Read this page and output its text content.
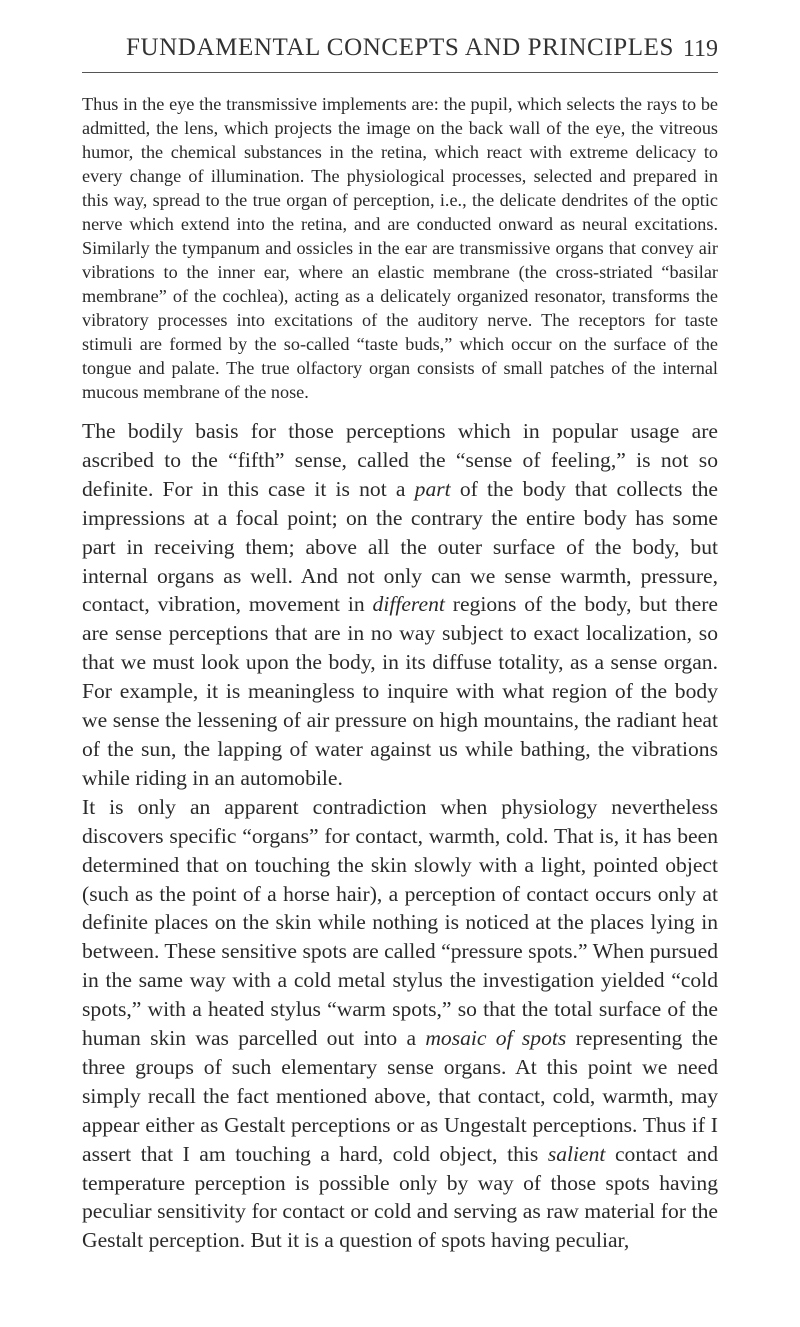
FUNDAMENTAL CONCEPTS AND PRINCIPLES 119

Thus in the eye the transmissive implements are: the pupil, which selects the rays to be admitted, the lens, which projects the image on the back wall of the eye, the vitreous humor, the chemical substances in the retina, which react with extreme delicacy to every change of illumination. The physiological processes, selected and prepared in this way, spread to the true organ of perception, i.e., the delicate dendrites of the optic nerve which extend into the retina, and are conducted onward as neural excitations. Similarly the tympanum and ossicles in the ear are transmissive organs that convey air vibrations to the inner ear, where an elastic membrane (the cross-striated “basilar membrane” of the cochlea), acting as a delicately organized resonator, transforms the vibratory processes into excitations of the auditory nerve. The receptors for taste stimuli are formed by the so-called “taste buds,” which occur on the surface of the tongue and palate. The true olfactory organ consists of small patches of the internal mucous membrane of the nose.

The bodily basis for those perceptions which in popular usage are ascribed to the “fifth” sense, called the “sense of feeling,” is not so definite. For in this case it is not a part of the body that collects the impressions at a focal point; on the contrary the entire body has some part in receiving them; above all the outer surface of the body, but internal organs as well. And not only can we sense warmth, pressure, contact, vibration, movement in different regions of the body, but there are sense perceptions that are in no way subject to exact localization, so that we must look upon the body, in its diffuse totality, as a sense organ. For example, it is meaningless to inquire with what region of the body we sense the lessening of air pressure on high mountains, the radiant heat of the sun, the lapping of water against us while bathing, the vibrations while riding in an automobile.

It is only an apparent contradiction when physiology nevertheless discovers specific “organs” for contact, warmth, cold. That is, it has been determined that on touching the skin slowly with a light, pointed object (such as the point of a horse hair), a perception of contact occurs only at definite places on the skin while nothing is noticed at the places lying in between. These sensitive spots are called “pressure spots.” When pursued in the same way with a cold metal stylus the investigation yielded “cold spots,” with a heated stylus “warm spots,” so that the total surface of the human skin was parcelled out into a mosaic of spots representing the three groups of such elementary sense organs. At this point we need simply recall the fact mentioned above, that contact, cold, warmth, may appear either as Gestalt perceptions or as Ungestalt perceptions. Thus if I assert that I am touching a hard, cold object, this salient contact and temperature perception is possible only by way of those spots having peculiar sensitivity for contact or cold and serving as raw material for the Gestalt perception. But it is a question of spots having peculiar,
